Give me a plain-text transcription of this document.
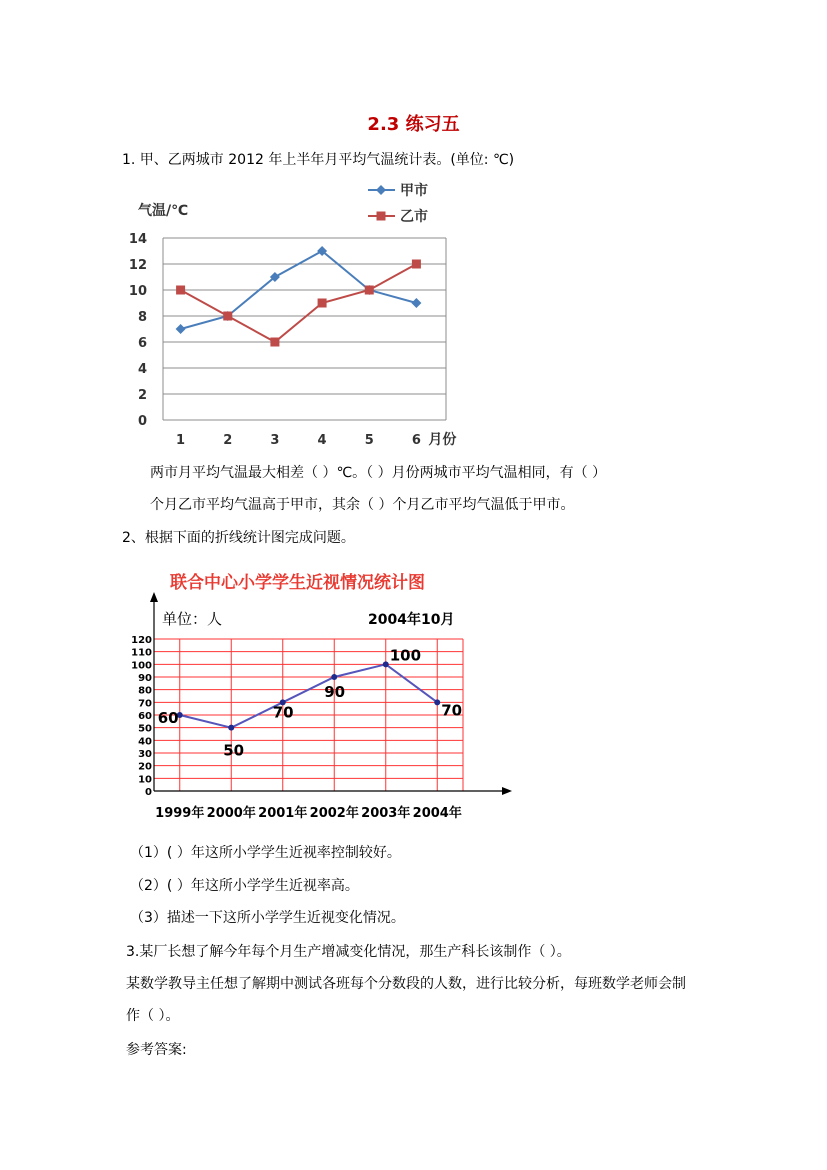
2.3 练习五
1. 甲、乙两城市 2012 年上半年月平均气温统计表。(单位: ℃)
0
2
4
6
8
10
12
14
1	2	3	4	5	6 月份
甲市
乙市
气温/℃
两市月平均气温最大相差（ ）℃。（ ）月份两城市平均气温相同，有（ ）
个月乙市平均气温高于甲市，其余（ ）个月乙市平均气温低于甲市。
2、根据下面的折线统计图完成问题。
联合中心小学学生近视情况统计图
单位：人	2004年10月
0
10
20
30
40
50
60
70
80
90
100
110
120
1999年 2000年 2001年 2002年 2003年 2004年
60
50
70
90
100
70
（1）( ）年这所小学学生近视率控制较好。
（2）( ）年这所小学学生近视率高。
（3）描述一下这所小学学生近视变化情况。
3.某厂长想了解今年每个月生产增减变化情况，那生产科长该制作（ ）。
某数学教导主任想了解期中测试各班每个分数段的人数，进行比较分析，每班数学老师会制
作（ ）。
参考答案:
